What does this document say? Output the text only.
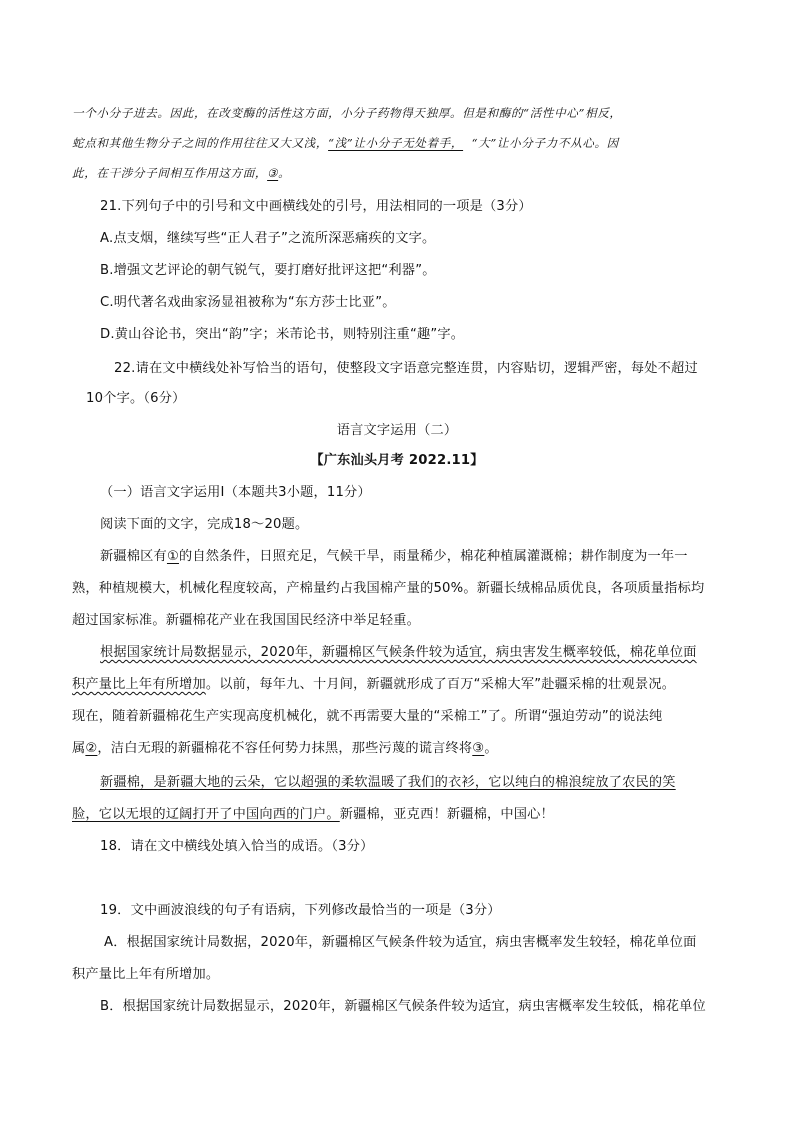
一个小分子进去。因此，在改变酶的活性这方面，小分子药物得天独厚。但是和酶的“活性中心”相反，
蛇点和其他生物分子之间的作用往往又大又浅，“浅”让小分子无处着手， “大”让小分子力不从心。因
此，在干涉分子间相互作用这方面，③。
21.下列句子中的引号和文中画横线处的引号，用法相同的一项是（3分）
A.点支烟，继续写些“正人君子”之流所深恶痛疾的文字。
B.增强文艺评论的朝气锐气，要打磨好批评这把“利器”。
C.明代著名戏曲家汤显祖被称为“东方莎士比亚”。
D.黄山谷论书，突出“韵”字；米芾论书，则特别注重“趣”字。
22.请在文中横线处补写恰当的语句，使整段文字语意完整连贯，内容贴切，逻辑严密，每处不超过
10个字。（6分）
语言文字运用（二）
【广东汕头月考 2022.11】
（一）语言文字运用Ⅰ（本题共3小题，11分）
阅读下面的文字，完成18～20题。
新疆棉区有①的自然条件，日照充足，气候干旱，雨量稀少，棉花种植属灌溉棉；耕作制度为一年一
熟，种植规模大，机械化程度较高，产棉量约占我国棉产量的50%。新疆长绒棉品质优良，各项质量指标均
超过国家标准。新疆棉花产业在我国国民经济中举足轻重。
根据国家统计局数据显示，2020年，新疆棉区气候条件较为适宜，病虫害发生概率较低，棉花单位面
积产量比上年有所增加。以前，每年九、十月间，新疆就形成了百万“采棉大军”赴疆采棉的壮观景况。
现在，随着新疆棉花生产实现高度机械化，就不再需要大量的“采棉工”了。所谓“强迫劳动”的说法纯
属②，洁白无瑕的新疆棉花不容任何势力抹黑，那些污蔑的谎言终将③。
新疆棉，是新疆大地的云朵，它以超强的柔软温暖了我们的衣衫，它以纯白的棉浪绽放了农民的笑
脸，它以无垠的辽阔打开了中国向西的门户。新疆棉，亚克西！新疆棉，中国心！
18．请在文中横线处填入恰当的成语。（3分）
19．文中画波浪线的句子有语病，下列修改最恰当的一项是（3分）
A．根据国家统计局数据，2020年，新疆棉区气候条件较为适宜，病虫害概率发生较轻，棉花单位面
积产量比上年有所增加。
B．根据国家统计局数据显示，2020年，新疆棉区气候条件较为适宜，病虫害概率发生较低，棉花单位
